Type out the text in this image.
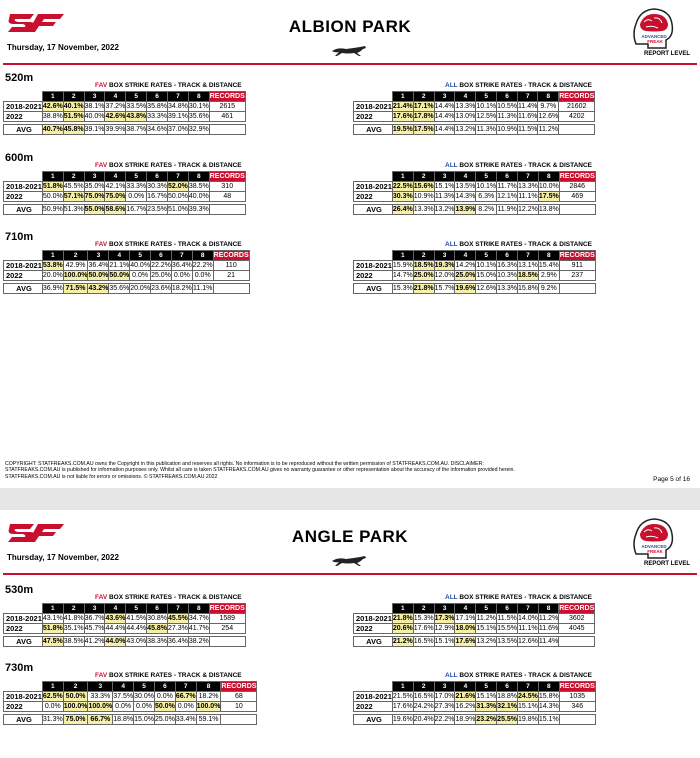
ALBION PARK
Thursday, 17 November, 2022
ADVANCED
FREAK
REPORT LEVEL
520m
FAV BOX STRIKE RATES - TRACK & DISTANCE
	1	2	3	4	5	6	7	8	RECORDS
2018-2021	42.6%	40.1%	38.1%	37.2%	33.5%	35.8%	34.8%	30.1%	2615
2022	38.8%	51.5%	40.0%	42.6%	43.8%	33.3%	39.1%	35.6%	461

AVG	40.7%	45.8%	39.1%	39.9%	38.7%	34.6%	37.0%	32.9%	
ALL BOX STRIKE RATES - TRACK & DISTANCE
	1	2	3	4	5	6	7	8	RECORDS
2018-2021	21.4%	17.1%	14.4%	13.3%	10.1%	10.5%	11.4%	9.7%	21602
2022	17.6%	17.8%	14.4%	13.0%	12.5%	11.3%	11.6%	12.6%	4202

AVG	19.5%	17.5%	14.4%	13.2%	11.3%	10.9%	11.5%	11.2%	
600m
FAV BOX STRIKE RATES - TRACK & DISTANCE
	1	2	3	4	5	6	7	8	RECORDS
2018-2021	51.8%	45.5%	35.0%	42.1%	33.3%	30.3%	52.0%	38.5%	310
2022	50.0%	57.1%	75.0%	75.0%	0.0%	16.7%	50.0%	40.0%	48

AVG	50.9%	51.3%	55.0%	58.6%	16.7%	23.5%	51.0%	39.3%	
ALL BOX STRIKE RATES - TRACK & DISTANCE
	1	2	3	4	5	6	7	8	RECORDS
2018-2021	22.5%	15.6%	15.1%	13.5%	10.1%	11.7%	13.3%	10.0%	2846
2022	30.3%	10.9%	11.3%	14.3%	6.3%	12.1%	11.1%	17.5%	469

AVG	26.4%	13.3%	13.2%	13.9%	8.2%	11.9%	12.2%	13.8%	
710m
FAV BOX STRIKE RATES - TRACK & DISTANCE
	1	2	3	4	5	6	7	8	RECORDS
2018-2021	53.8%	42.9%	36.4%	21.1%	40.0%	22.2%	36.4%	22.2%	110
2022	20.0%	100.0%	50.0%	50.0%	0.0%	25.0%	0.0%	0.0%	21

AVG	36.9%	71.5%	43.2%	35.6%	20.0%	23.6%	18.2%	11.1%	
ALL BOX STRIKE RATES - TRACK & DISTANCE
	1	2	3	4	5	6	7	8	RECORDS
2018-2021	15.9%	18.5%	19.3%	14.2%	10.1%	16.3%	13.1%	15.4%	911
2022	14.7%	25.0%	12.0%	25.0%	15.0%	10.3%	18.5%	2.9%	237

AVG	15.3%	21.8%	15.7%	19.6%	12.6%	13.3%	15.8%	9.2%	
COPYRIGHT: STATFREAKS.COM.AU owns the Copyright in this publication and reserves all rights. No information is to be reproduced without the written permission of STATFREAKS.COM.AU. DISCLAIMER: STATFREAKS.COM.AU is published for information purposes only. Whilst all care is taken STATFREAKS.COM.AU gives no warranty guarantee or other representation about the accuracy of the information provided herein. STATFREAKS.COM.AU is not liable for errors or omissions. © STATFREAKS.COM.AU 2022	Page 5 of 16
ANGLE PARK
Thursday, 17 November, 2022
ADVANCED
FREAK
REPORT LEVEL
530m
FAV BOX STRIKE RATES - TRACK & DISTANCE
	1	2	3	4	5	6	7	8	RECORDS
2018-2021	43.1%	41.8%	36.7%	43.6%	41.5%	30.8%	45.5%	34.7%	1589
2022	51.8%	35.1%	45.7%	44.4%	44.4%	45.8%	27.3%	41.7%	254

AVG	47.5%	38.5%	41.2%	44.0%	43.0%	38.3%	36.4%	38.2%	
ALL BOX STRIKE RATES - TRACK & DISTANCE
	1	2	3	4	5	6	7	8	RECORDS
2018-2021	21.8%	15.3%	17.3%	17.1%	11.2%	11.5%	14.0%	11.2%	3602
2022	20.6%	17.6%	12.9%	18.0%	15.1%	15.5%	11.1%	11.6%	4045

AVG	21.2%	16.5%	15.1%	17.6%	13.2%	13.5%	12.6%	11.4%	
730m
FAV BOX STRIKE RATES - TRACK & DISTANCE
	1	2	3	4	5	6	7	8	RECORDS
2018-2021	62.5%	50.0%	33.3%	37.5%	30.0%	0.0%	66.7%	18.2%	68
2022	0.0%	100.0%	100.0%	0.0%	0.0%	50.0%	0.0%	100.0%	10

AVG	31.3%	75.0%	66.7%	18.8%	15.0%	25.0%	33.4%	59.1%	
ALL BOX STRIKE RATES - TRACK & DISTANCE
	1	2	3	4	5	6	7	8	RECORDS
2018-2021	21.5%	16.5%	17.0%	21.6%	15.1%	18.8%	24.5%	15.8%	1035
2022	17.6%	24.2%	27.3%	16.2%	31.3%	32.1%	15.1%	14.3%	346

AVG	19.6%	20.4%	22.2%	18.9%	23.2%	25.5%	19.8%	15.1%	
